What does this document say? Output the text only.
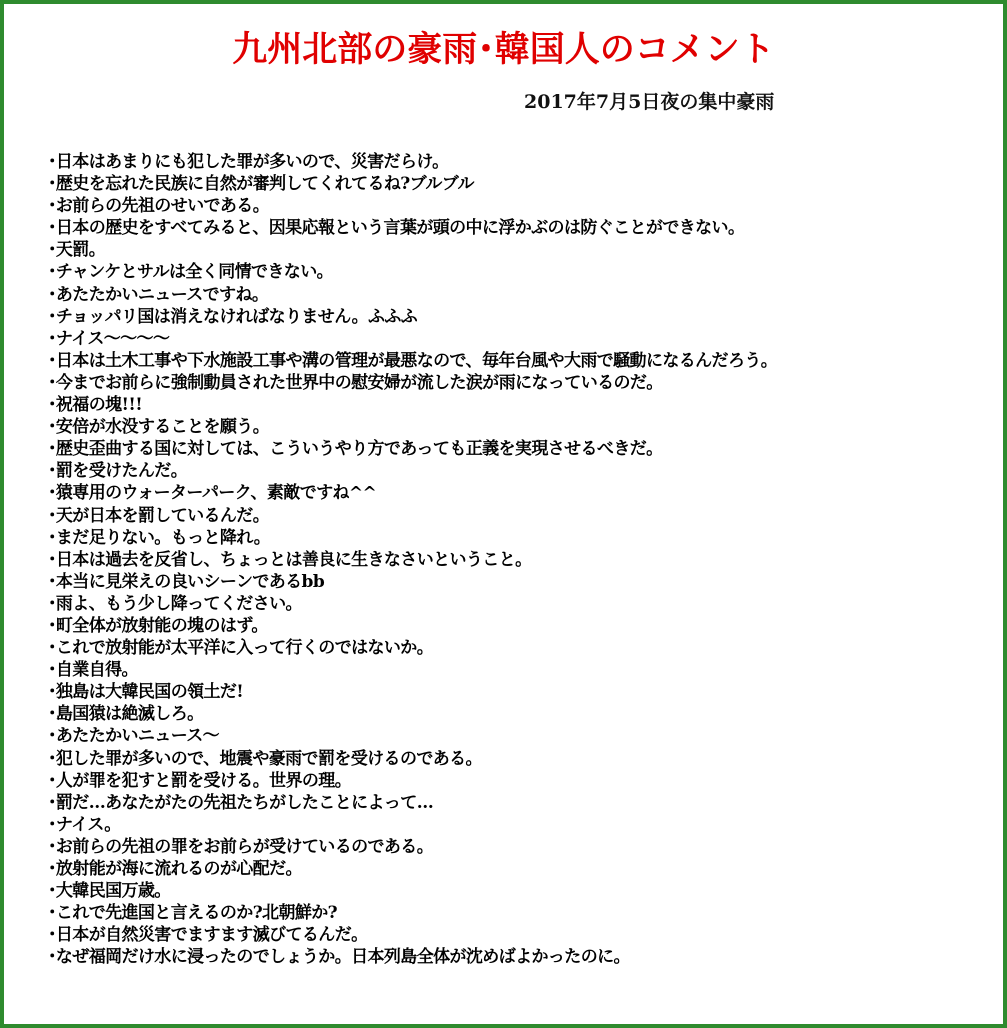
九州北部の豪雨･韓国人のコメント
2017年7月5日夜の集中豪雨
･日本はあまりにも犯した罪が多いので、災害だらけ。
･歴史を忘れた民族に自然が審判してくれてるね?ブルブル
･お前らの先祖のせいである。
･日本の歴史をすべてみると、因果応報という言葉が頭の中に浮かぶのは防ぐことができない。
･天罰。
･チャンケとサルは全く同情できない。
･あたたかいニュースですね。
･チョッパリ国は消えなければなりません。ふふふ
･ナイス～～～～
･日本は土木工事や下水施設工事や溝の管理が最悪なので、毎年台風や大雨で騒動になるんだろう。
･今までお前らに強制動員された世界中の慰安婦が流した涙が雨になっているのだ。
･祝福の塊!!!
･安倍が水没することを願う。
･歴史歪曲する国に対しては、こういうやり方であっても正義を実現させるべきだ。
･罰を受けたんだ。
･猿専用のウォーターパーク、素敵ですね^^
･天が日本を罰しているんだ。
･まだ足りない。もっと降れ。
･日本は過去を反省し、ちょっとは善良に生きなさいということ。
･本当に見栄えの良いシーンであるbb
･雨よ、もう少し降ってください。
･町全体が放射能の塊のはず。
･これで放射能が太平洋に入って行くのではないか。
･自業自得。
･独島は大韓民国の領土だ!
･島国猿は絶滅しろ。
･あたたかいニュース～
･犯した罪が多いので、地震や豪雨で罰を受けるのである。
･人が罪を犯すと罰を受ける。世界の理。
･罰だ…あなたがたの先祖たちがしたことによって…
･ナイス。
･お前らの先祖の罪をお前らが受けているのである。
･放射能が海に流れるのが心配だ。
･大韓民国万歳。
･これで先進国と言えるのか?北朝鮮か?
･日本が自然災害でますます滅びてるんだ。
･なぜ福岡だけ水に浸ったのでしょうか。日本列島全体が沈めばよかったのに。
